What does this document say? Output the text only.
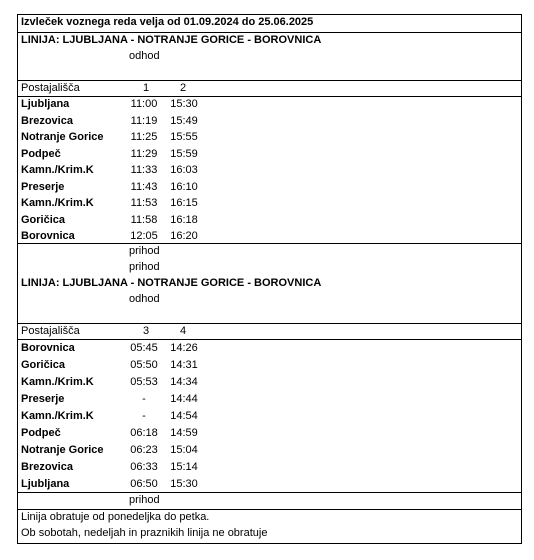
Izvleček voznega reda velja od 01.09.2024 do 25.06.2025
LINIJA: LJUBLJANA - NOTRANJE GORICE - BOROVNICA
odhod
Postajališča	1	2
Ljubljana	11:00	15:30
Brezovica	11:19	15:49
Notranje Gorice 11:25	15:55
Podpeč	11:29	15:59
Kamn./Krim.K	11:33	16:03
Preserje	11:43	16:10
Kamn./Krim.K	11:53	16:15
Goričica	11:58	16:18
Borovnica	12:05	16:20
prihod
prihod
LINIJA: LJUBLJANA - NOTRANJE GORICE - BOROVNICA
odhod
Postajališča	3	4
Borovnica	05:45	14:26
Goričica	05:50	14:31
Kamn./Krim.K	05:53	14:34
Preserje	-	14:44
Kamn./Krim.K	-	14:54
Podpeč	06:18	14:59
Notranje Gorice 06:23	15:04
Brezovica	06:33	15:14
Ljubljana	06:50	15:30
prihod
Linija obratuje od ponedeljka do petka.
Ob sobotah, nedeljah in praznikih linija ne obratuje
